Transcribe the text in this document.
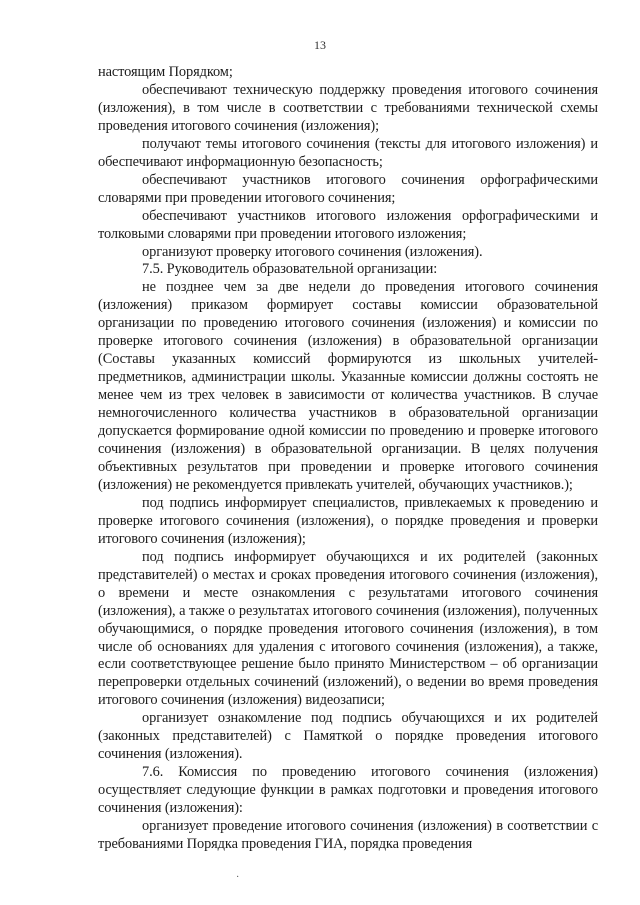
13

настоящим Порядком;

обеспечивают техническую поддержку проведения итогового сочинения (изложения), в том числе в соответствии с требованиями технической схемы проведения итогового сочинения (изложения);

получают темы итогового сочинения (тексты для итогового изложения) и обеспечивают информационную безопасность;

обеспечивают участников итогового сочинения орфографическими словарями при проведении итогового сочинения;

обеспечивают участников итогового изложения орфографическими и толковыми словарями при проведении итогового изложения;

организуют проверку итогового сочинения (изложения).

7.5. Руководитель образовательной организации:

не позднее чем за две недели до проведения итогового сочинения (изложения) приказом формирует составы комиссии образовательной организации по проведению итогового сочинения (изложения) и комиссии по проверке итогового сочинения (изложения) в образовательной организации (Составы указанных комиссий формируются из школьных учителей-предметников, администрации школы. Указанные комиссии должны состоять не менее чем из трех человек в зависимости от количества участников. В случае немногочисленного количества участников в образовательной организации допускается формирование одной комиссии по проведению и проверке итогового сочинения (изложения) в образовательной организации. В целях получения объективных результатов при проведении и проверке итогового сочинения (изложения) не рекомендуется привлекать учителей, обучающих участников.);

под подпись информирует специалистов, привлекаемых к проведению и проверке итогового сочинения (изложения), о порядке проведения и проверки итогового сочинения (изложения);

под подпись информирует обучающихся и их родителей (законных представителей) о местах и сроках проведения итогового сочинения (изложения), о времени и месте ознакомления с результатами итогового сочинения (изложения), а также о результатах итогового сочинения (изложения), полученных обучающимися, о порядке проведения итогового сочинения (изложения), в том числе об основаниях для удаления с итогового сочинения (изложения), а также, если соответствующее решение было принято Министерством – об организации перепроверки отдельных сочинений (изложений), о ведении во время проведения итогового сочинения (изложения) видеозаписи;

организует ознакомление под подпись обучающихся и их родителей (законных представителей) с Памяткой о порядке проведения итогового сочинения (изложения).

7.6. Комиссия по проведению итогового сочинения (изложения) осуществляет следующие функции в рамках подготовки и проведения итогового сочинения (изложения):

организует проведение итогового сочинения (изложения) в соответствии с требованиями Порядка проведения ГИА, порядка проведения

·
